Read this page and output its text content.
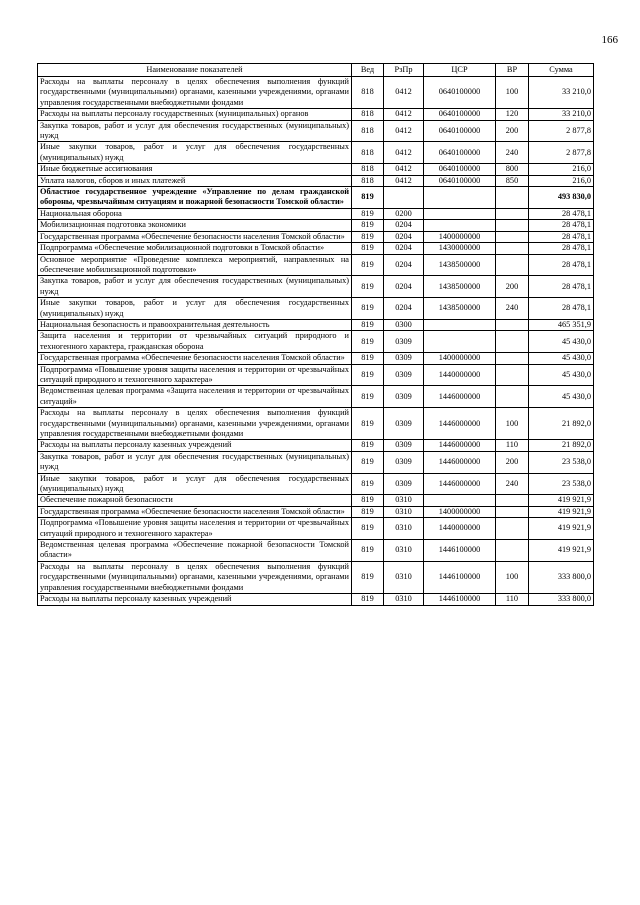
166
Наименование показателей	Вед	РзПр	ЦСР	ВР	Сумма
Расходы на выплаты персоналу в целях обеспечения выполнения функций государственными (муниципальными) органами, казенными учреждениями, органами управления государственными внебюджетными фондами	818	0412	0640100000	100	33 210,0
Расходы на выплаты персоналу государственных (муниципальных) органов	818	0412	0640100000	120	33 210,0
Закупка товаров, работ и услуг для обеспечения государственных (муниципальных) нужд	818	0412	0640100000	200	2 877,8
Иные закупки товаров, работ и услуг для обеспечения государственных (муниципальных) нужд	818	0412	0640100000	240	2 877,8
Иные бюджетные ассигнования	818	0412	0640100000	800	216,0
Уплата налогов, сборов и иных платежей	818	0412	0640100000	850	216,0
Областное государственное учреждение «Управление по делам гражданской обороны, чрезвычайным ситуациям и пожарной безопасности Томской области»	819				493 830,0
Национальная оборона	819	0200			28 478,1
Мобилизационная подготовка экономики	819	0204			28 478,1
Государственная программа «Обеспечение безопасности населения Томской области»	819	0204	1400000000		28 478,1
Подпрограмма «Обеспечение мобилизационной подготовки в Томской области»	819	0204	1430000000		28 478,1
Основное мероприятие «Проведение комплекса мероприятий, направленных на обеспечение мобилизационной подготовки»	819	0204	1438500000		28 478,1
Закупка товаров, работ и услуг для обеспечения государственных (муниципальных) нужд	819	0204	1438500000	200	28 478,1
Иные закупки товаров, работ и услуг для обеспечения государственных (муниципальных) нужд	819	0204	1438500000	240	28 478,1
Национальная безопасность и правоохранительная деятельность	819	0300			465 351,9
Защита населения и территории от чрезвычайных ситуаций природного и техногенного характера, гражданская оборона	819	0309			45 430,0
Государственная программа «Обеспечение безопасности населения Томской области»	819	0309	1400000000		45 430,0
Подпрограмма «Повышение уровня защиты населения и территории от чрезвычайных ситуаций природного и техногенного характера»	819	0309	1440000000		45 430,0
Ведомственная целевая программа «Защита населения и территории от чрезвычайных ситуаций»	819	0309	1446000000		45 430,0
Расходы на выплаты персоналу в целях обеспечения выполнения функций государственными (муниципальными) органами, казенными учреждениями, органами управления государственными внебюджетными фондами	819	0309	1446000000	100	21 892,0
Расходы на выплаты персоналу казенных учреждений	819	0309	1446000000	110	21 892,0
Закупка товаров, работ и услуг для обеспечения государственных (муниципальных) нужд	819	0309	1446000000	200	23 538,0
Иные закупки товаров, работ и услуг для обеспечения государственных (муниципальных) нужд	819	0309	1446000000	240	23 538,0
Обеспечение пожарной безопасности	819	0310			419 921,9
Государственная программа «Обеспечение безопасности населения Томской области»	819	0310	1400000000		419 921,9
Подпрограмма «Повышение уровня защиты населения и территории от чрезвычайных ситуаций природного и техногенного характера»	819	0310	1440000000		419 921,9
Ведомственная целевая программа «Обеспечение пожарной безопасности Томской области»	819	0310	1446100000		419 921,9
Расходы на выплаты персоналу в целях обеспечения выполнения функций государственными (муниципальными) органами, казенными учреждениями, органами управления государственными внебюджетными фондами	819	0310	1446100000	100	333 800,0
Расходы на выплаты персоналу казенных учреждений	819	0310	1446100000	110	333 800,0
